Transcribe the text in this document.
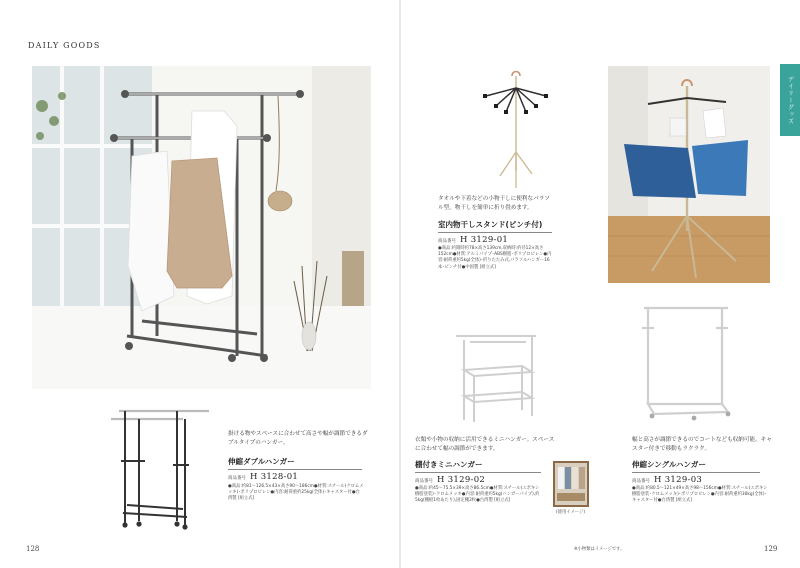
DAILY GOODS
デイリーグッズ
掛ける物やスペースに合わせて高さや幅が調節できるダブルタイプのハンガー。
伸縮ダブルハンガー
商品番号 H 3128-01
●商品:約81～126.5×43×高さ90～186cm●材質:スチール(クロムメッキ)･ポリプロピレン●内容:耐荷重約25kg(全体)･キャスター付●台湾製 [組立式]
タオルや下着などの小物干しに便利なパラソル型。物干しを簡単に折り畳めます。
室内物干しスタンド(ピンチ付)
商品番号 H 3129-01
●商品:約開時約78×高さ139cm,収納時:約径12×高さ152cm●材質:アルミパイプ･ABS樹脂･ポリプロピレン●内容:耐荷重約5kg(全体)･折りたたみ式,パラソルハンガー16本･ピンチ付●中国製 [組立式]
衣類や小物の収納に活用できるミニハンガー。スペースに合わせて幅の調節ができます。
棚付きミニハンガー
商品番号 H 3129-02
●商品:約45～75.5×39×高さ86.5cm●材質:スチール(エポキシ樹脂塗装)･クロムメッキ●内容:耐荷重約5kg(ハンガーパイプ),約5kg(棚板1枚あたり),固定棚2枚●台湾製 [組立式]
(使用イメージ)
幅と高さが調節できるのでコートなども収納可能。キャスター付きで移動もラクラク。
伸縮シングルハンガー
商品番号 H 3129-03
●商品:約80.5～121×49×高さ98～156cm●材質:スチール(エポキシ樹脂塗装･クロムメッキ)･ポリプロピレン●内容:耐荷重約30kg(全体)･キャスター付●台湾製 [組立式]
※小物類はイメージです。
128	129
